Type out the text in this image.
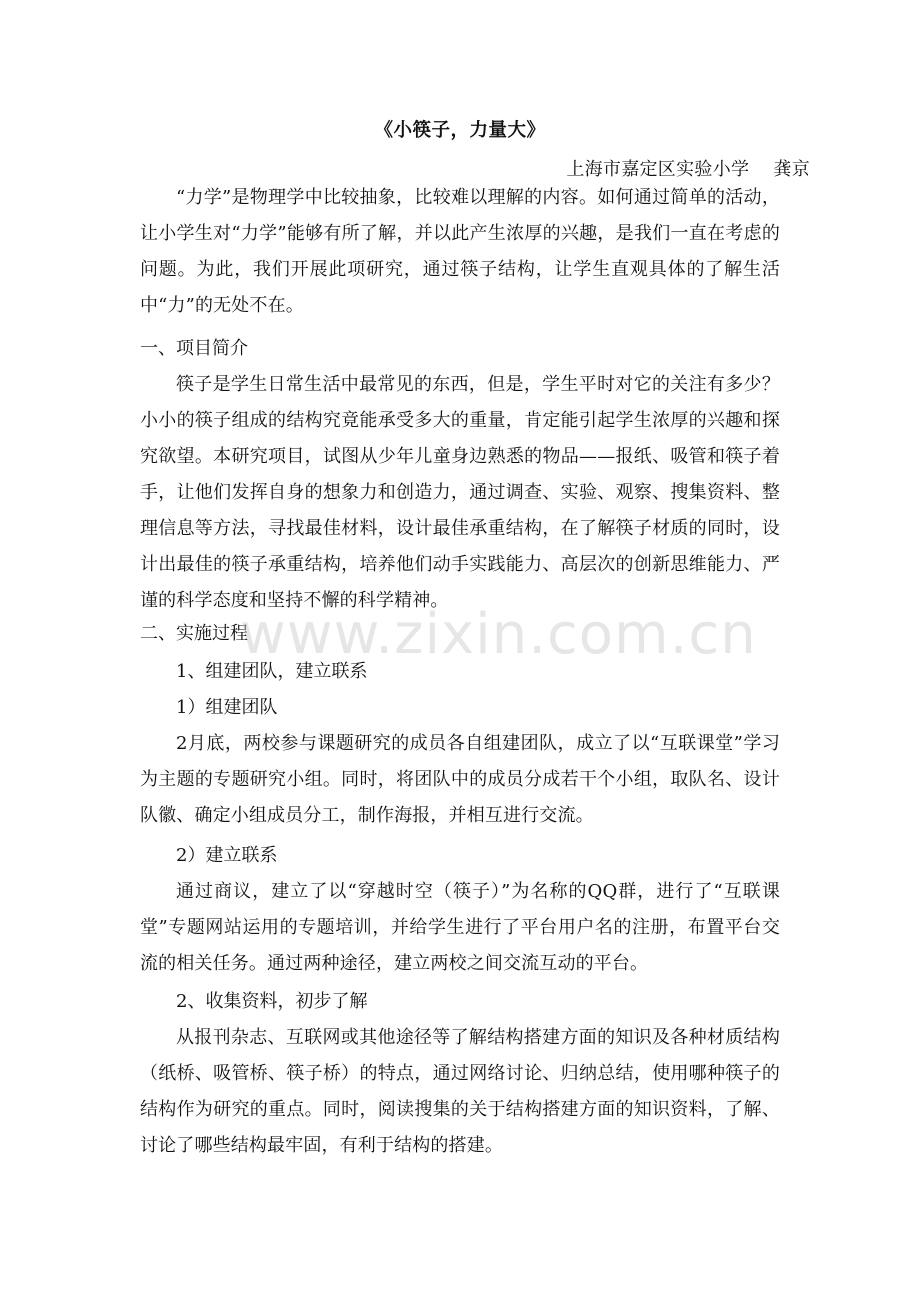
《小筷子，力量大》
上海市嘉定区实验小学    龚京
“力学”是物理学中比较抽象，比较难以理解的内容。如何通过简单的活动，让小学生对“力学”能够有所了解，并以此产生浓厚的兴趣，是我们一直在考虑的问题。为此，我们开展此项研究，通过筷子结构，让学生直观具体的了解生活中“力”的无处不在。
一、项目简介
筷子是学生日常生活中最常见的东西，但是，学生平时对它的关注有多少？小小的筷子组成的结构究竟能承受多大的重量，肯定能引起学生浓厚的兴趣和探究欲望。本研究项目，试图从少年儿童身边熟悉的物品——报纸、吸管和筷子着手，让他们发挥自身的想象力和创造力，通过调查、实验、观察、搜集资料、整理信息等方法，寻找最佳材料，设计最佳承重结构，在了解筷子材质的同时，设计出最佳的筷子承重结构，培养他们动手实践能力、高层次的创新思维能力、严谨的科学态度和坚持不懈的科学精神。
二、实施过程
1、组建团队，建立联系
1）组建团队
2月底，两校参与课题研究的成员各自组建团队，成立了以“互联课堂”学习为主题的专题研究小组。同时，将团队中的成员分成若干个小组，取队名、设计队徽、确定小组成员分工，制作海报，并相互进行交流。
2）建立联系
通过商议，建立了以“穿越时空（筷子）”为名称的QQ群，进行了“互联课堂”专题网站运用的专题培训，并给学生进行了平台用户名的注册，布置平台交流的相关任务。通过两种途径，建立两校之间交流互动的平台。
2、收集资料，初步了解
从报刊杂志、互联网或其他途径等了解结构搭建方面的知识及各种材质结构（纸桥、吸管桥、筷子桥）的特点，通过网络讨论、归纳总结，使用哪种筷子的结构作为研究的重点。同时，阅读搜集的关于结构搭建方面的知识资料，了解、讨论了哪些结构最牢固，有利于结构的搭建。
www.zixin.com.cn
